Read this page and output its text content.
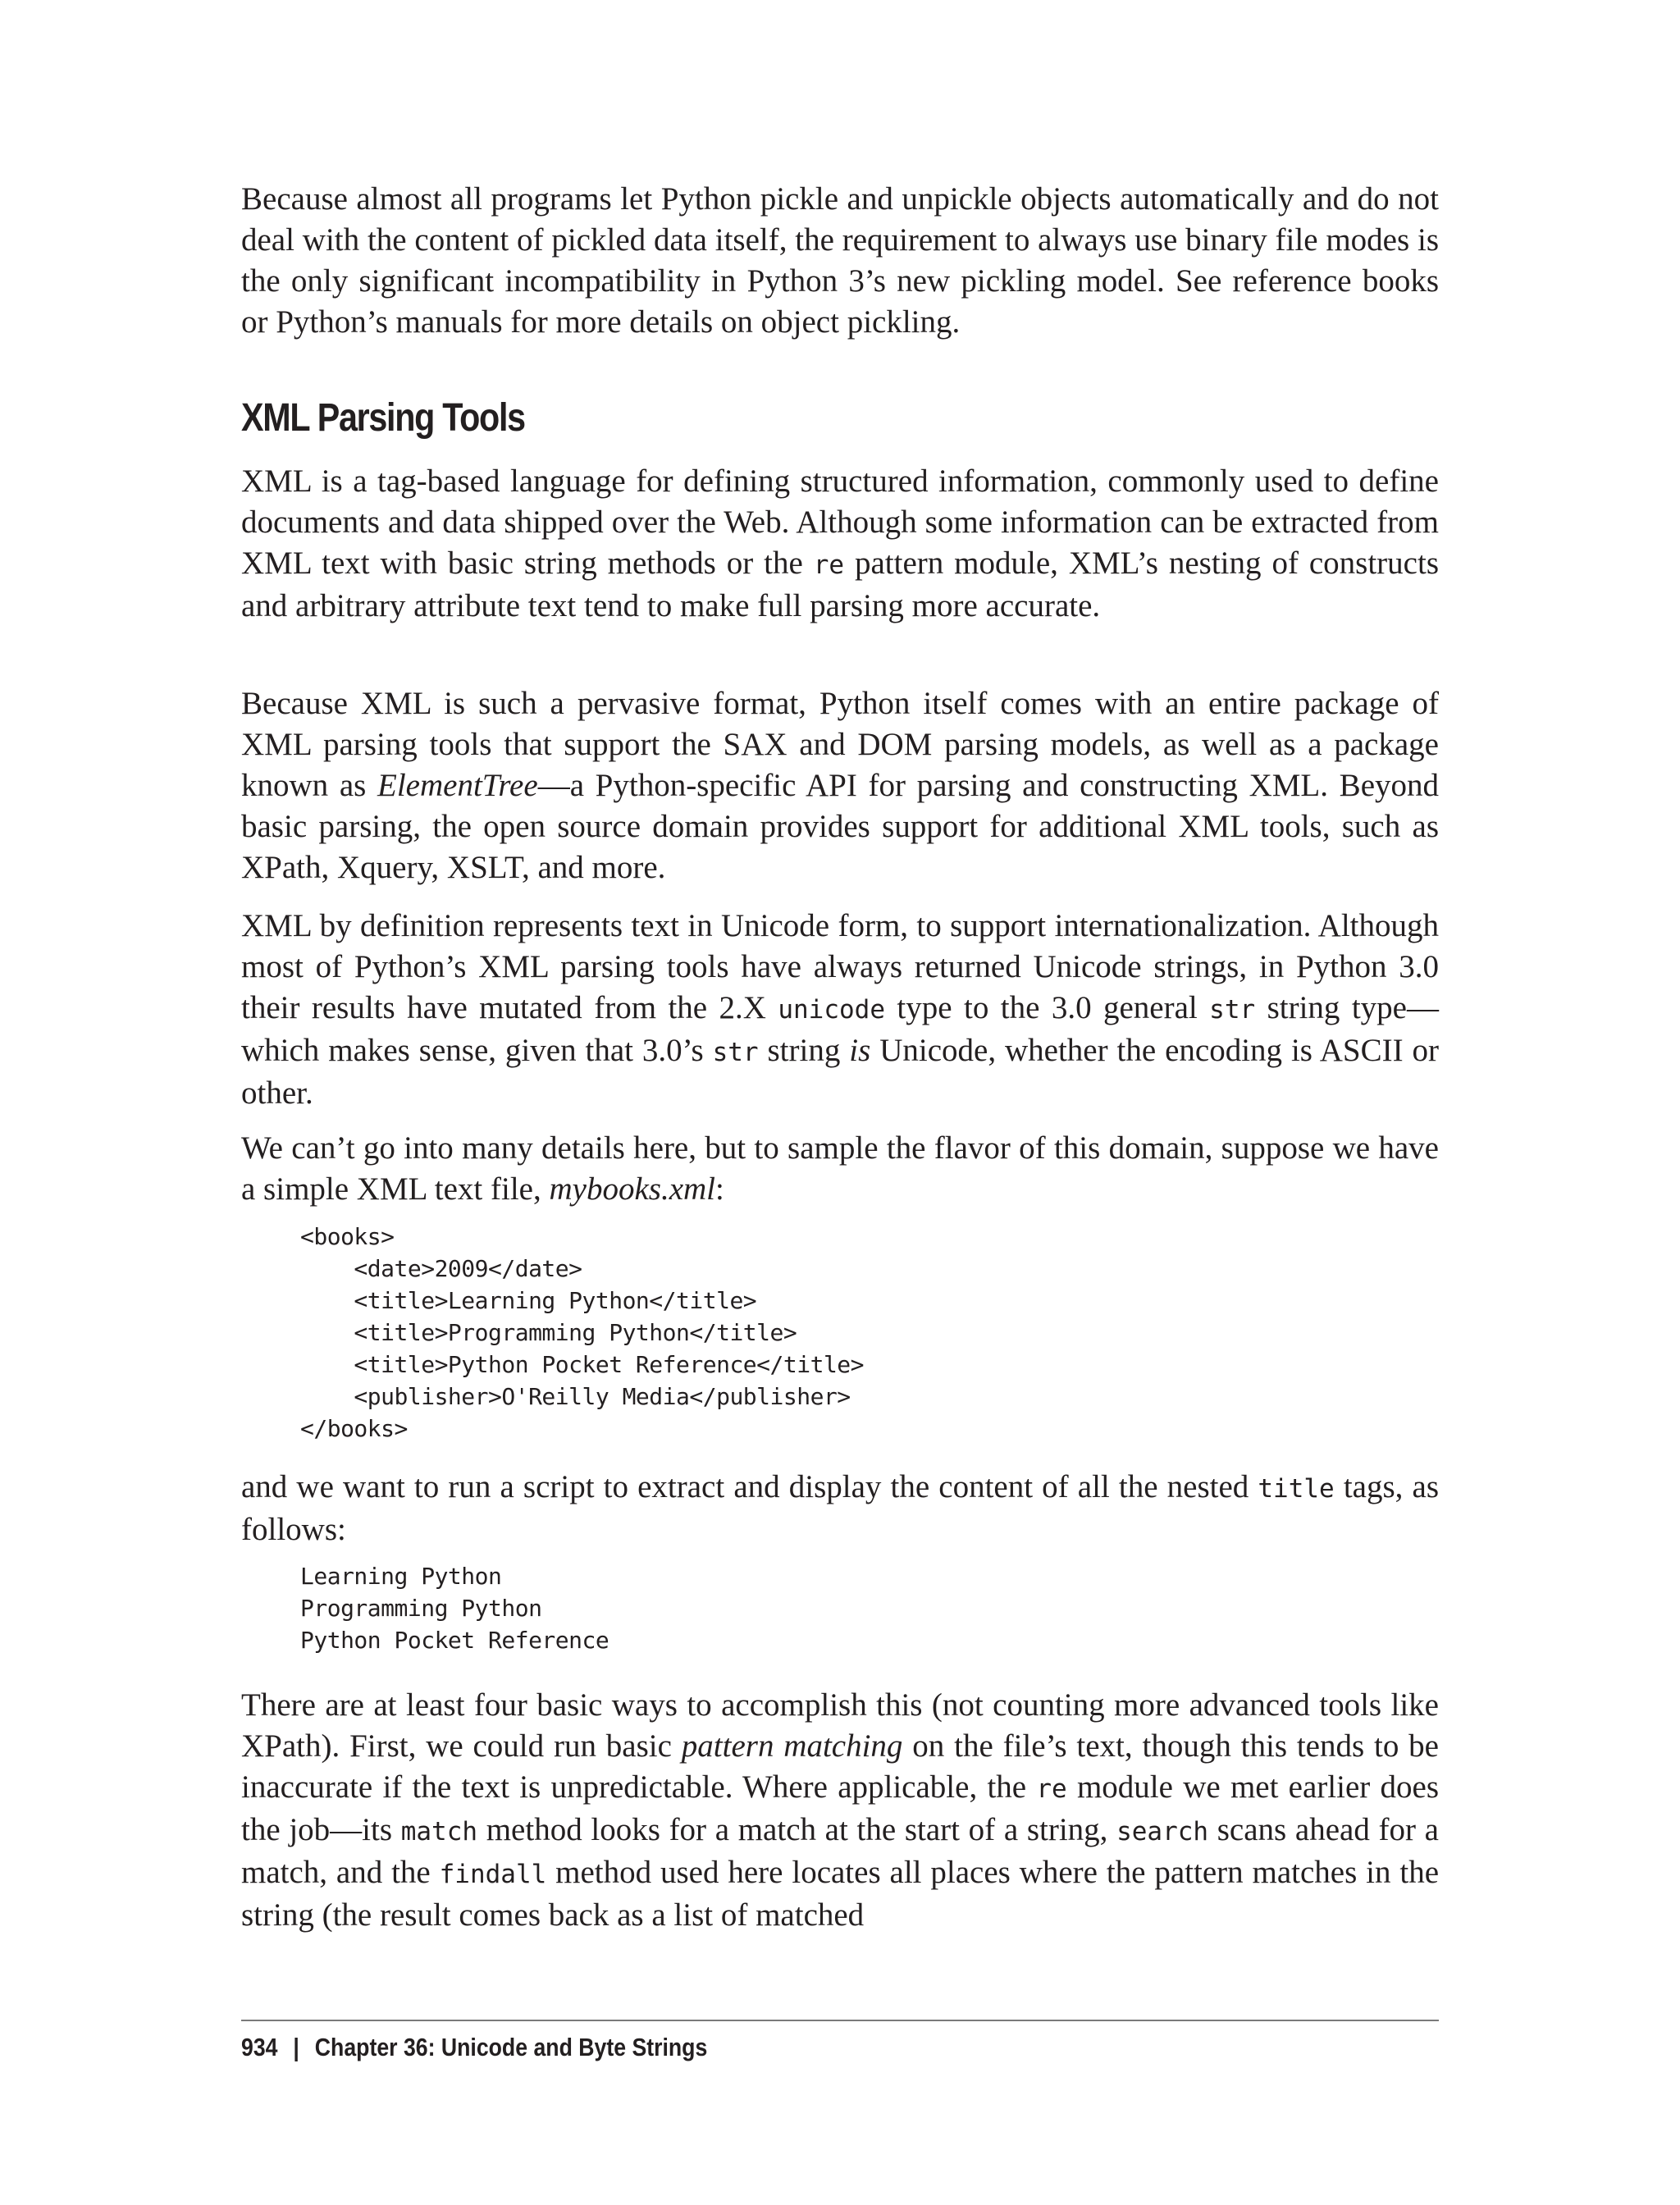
Because almost all programs let Python pickle and unpickle objects automatically and do not deal with the content of pickled data itself, the requirement to always use binary file modes is the only significant incompatibility in Python 3’s new pickling model. See reference books or Python’s manuals for more details on object pickling.

XML Parsing Tools

XML is a tag-based language for defining structured information, commonly used to define documents and data shipped over the Web. Although some information can be extracted from XML text with basic string methods or the re pattern module, XML’s nesting of constructs and arbitrary attribute text tend to make full parsing more accurate.

Because XML is such a pervasive format, Python itself comes with an entire package of XML parsing tools that support the SAX and DOM parsing models, as well as a package known as ElementTree—a Python-specific API for parsing and constructing XML. Beyond basic parsing, the open source domain provides support for additional XML tools, such as XPath, Xquery, XSLT, and more.

XML by definition represents text in Unicode form, to support internationalization. Although most of Python’s XML parsing tools have always returned Unicode strings, in Python 3.0 their results have mutated from the 2.X unicode type to the 3.0 general str string type—which makes sense, given that 3.0’s str string is Unicode, whether the encoding is ASCII or other.

We can’t go into many details here, but to sample the flavor of this domain, suppose we have a simple XML text file, mybooks.xml:

<books>
<date>2009</date>
<title>Learning Python</title>
<title>Programming Python</title>
<title>Python Pocket Reference</title>
<publisher>O'Reilly Media</publisher>
</books>

and we want to run a script to extract and display the content of all the nested title tags, as follows:

Learning Python
Programming Python
Python Pocket Reference

There are at least four basic ways to accomplish this (not counting more advanced tools like XPath). First, we could run basic pattern matching on the file’s text, though this tends to be inaccurate if the text is unpredictable. Where applicable, the re module we met earlier does the job—its match method looks for a match at the start of a string, search scans ahead for a match, and the findall method used here locates all places where the pattern matches in the string (the result comes back as a list of matched

934 | Chapter 36: Unicode and Byte Strings
